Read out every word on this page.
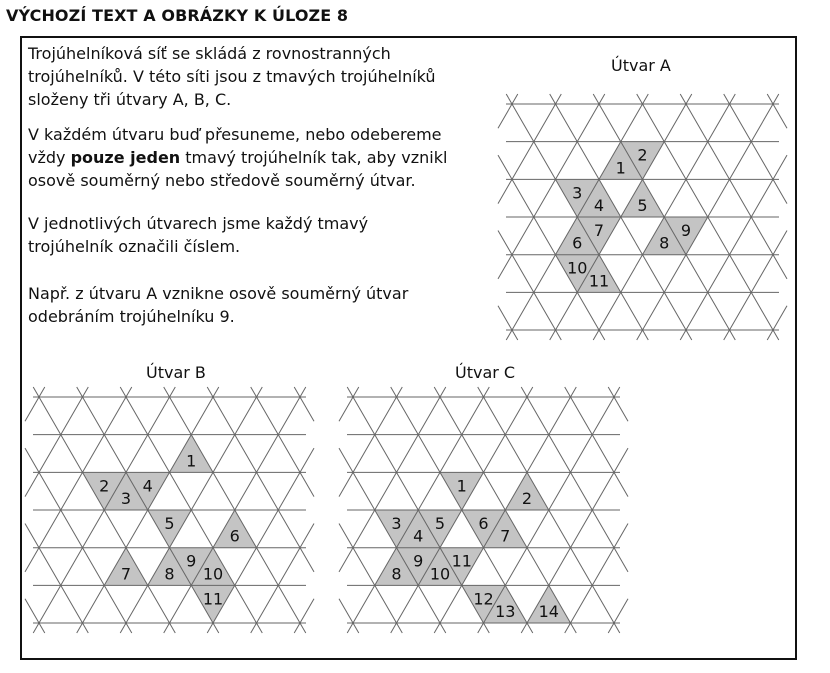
VÝCHOZÍ TEXT A OBRÁZKY K ÚLOZE 8
Trojúhelníková síť se skládá z rovnostranných
trojúhelníků. V této síti jsou z tmavých trojúhelníků
složeny tři útvary A, B, C.
V každém útvaru buď přesuneme, nebo odebereme
vždy pouze jeden tmavý trojúhelník tak, aby vznikl
osově souměrný nebo středově souměrný útvar.
V jednotlivých útvarech jsme každý tmavý
trojúhelník označili číslem.
Např. z útvaru A vznikne osově souměrný útvar
odebráním trojúhelníku 9.
Útvar A
1
2
3
4 5
6
7
8
9
10
11
Útvar B
1
2
3
4
5
6
7 8
9
10
11
Útvar C
1
2
3
4
5 6
7
8
9
10
11
12
13 14
